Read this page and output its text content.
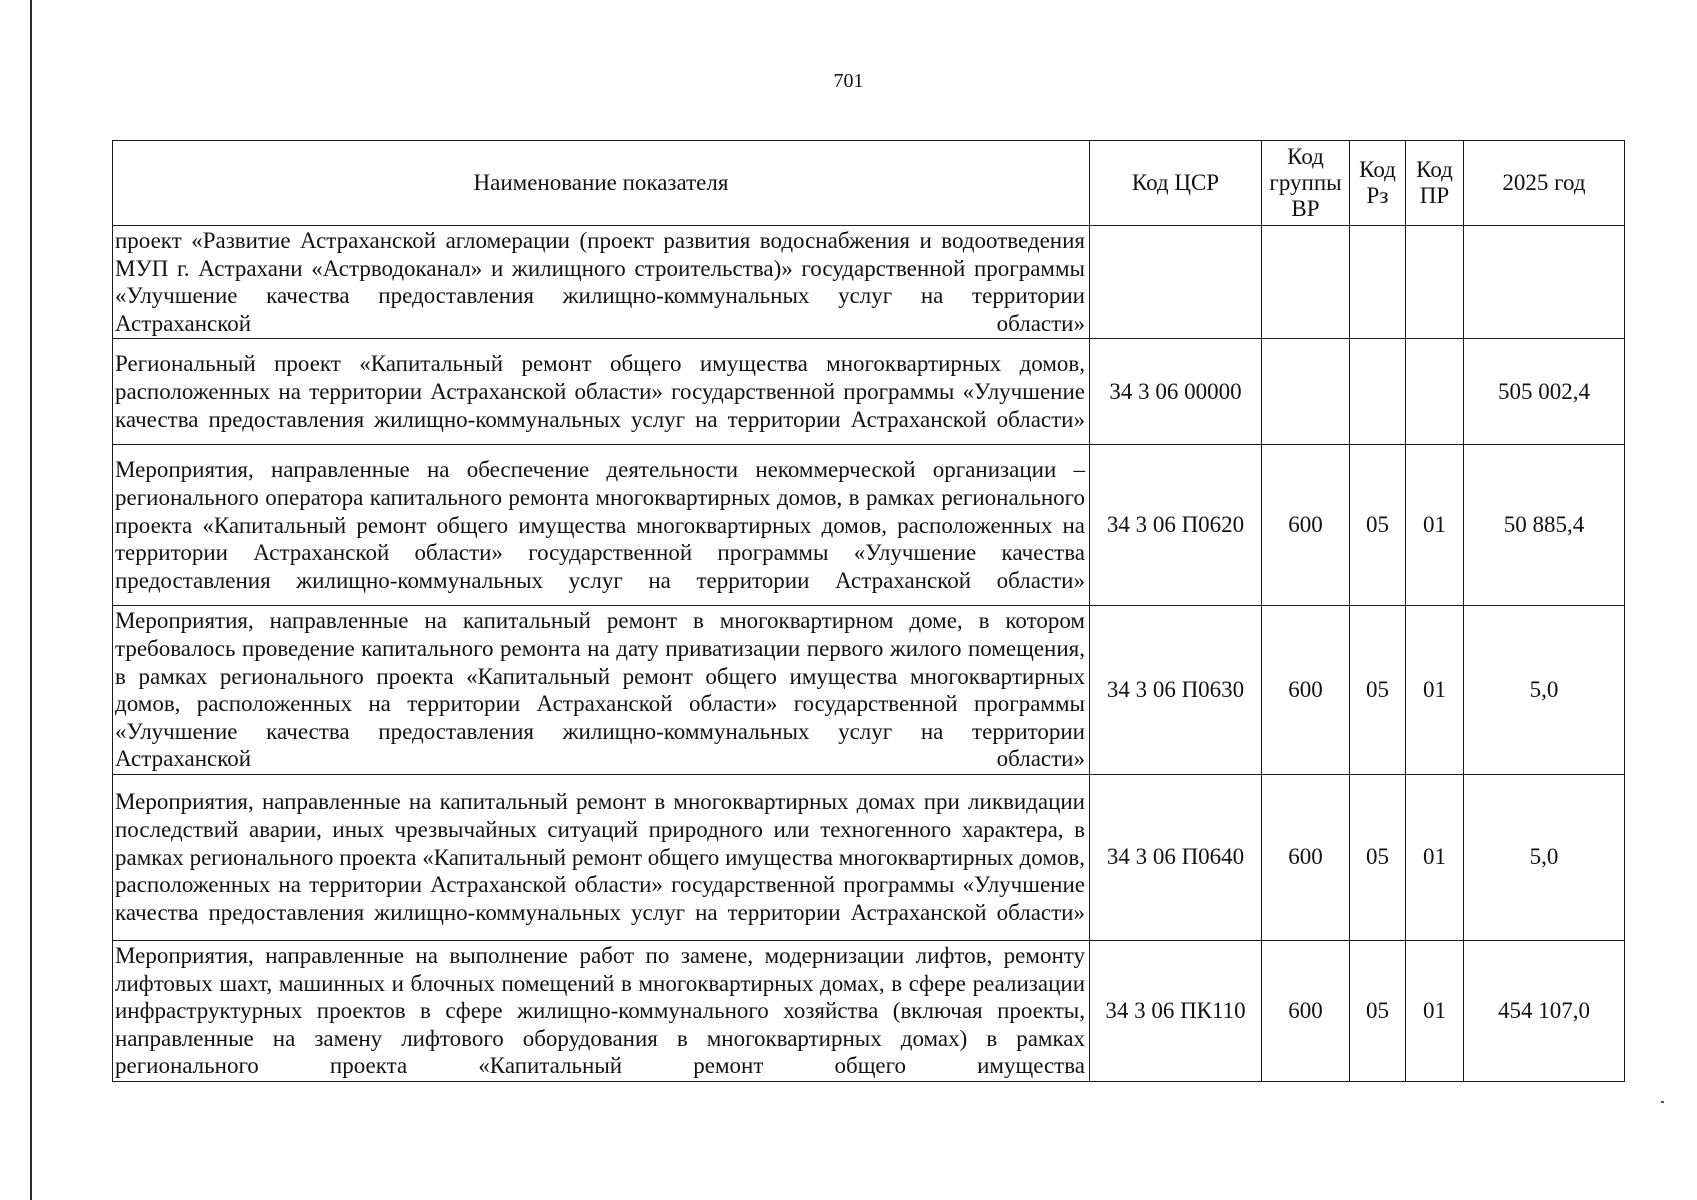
701
Наименование показателя	Код ЦСР	Код группы ВР	Код Рз	Код ПР	2025 год
проект «Развитие Астраханской агломерации (проект развития водоснабжения и водоотведения МУП г. Астрахани «Астрводоканал» и жилищного строительства)» государственной программы «Улучшение качества предоставления жилищно-коммунальных услуг на территории Астраханской области»					
Региональный проект «Капитальный ремонт общего имущества многоквартирных домов, расположенных на территории Астраханской области» государственной программы «Улучшение качества предоставления жилищно-коммунальных услуг на территории Астраханской области»	34 3 06 00000				505 002,4
Мероприятия, направленные на обеспечение деятельности некоммерческой организации – регионального оператора капитального ремонта многоквартирных домов, в рамках регионального проекта «Капитальный ремонт общего имущества многоквартирных домов, расположенных на территории Астраханской области» государственной программы «Улучшение качества предоставления жилищно-коммунальных услуг на территории Астраханской области»	34 3 06 П0620	600	05	01	50 885,4
Мероприятия, направленные на капитальный ремонт в многоквартирном доме, в котором требовалось проведение капитального ремонта на дату приватизации первого жилого помещения, в рамках регионального проекта «Капитальный ремонт общего имущества многоквартирных домов, расположенных на территории Астраханской области» государственной программы «Улучшение качества предоставления жилищно-коммунальных услуг на территории Астраханской области»	34 3 06 П0630	600	05	01	5,0
Мероприятия, направленные на капитальный ремонт в многоквартирных домах при ликвидации последствий аварии, иных чрезвычайных ситуаций природного или техногенного характера, в рамках регионального проекта «Капитальный ремонт общего имущества многоквартирных домов, расположенных на территории Астраханской области» государственной программы «Улучшение качества предоставления жилищно-коммунальных услуг на территории Астраханской области»	34 3 06 П0640	600	05	01	5,0
Мероприятия, направленные на выполнение работ по замене, модернизации лифтов, ремонту лифтовых шахт, машинных и блочных помещений в многоквартирных домах, в сфере реализации инфраструктурных проектов в сфере жилищно-коммунального хозяйства (включая проекты, направленные на замену лифтового оборудования в многоквартирных домах) в рамках регионального проекта «Капитальный ремонт общего имущества	34 3 06 ПК110	600	05	01	454 107,0
